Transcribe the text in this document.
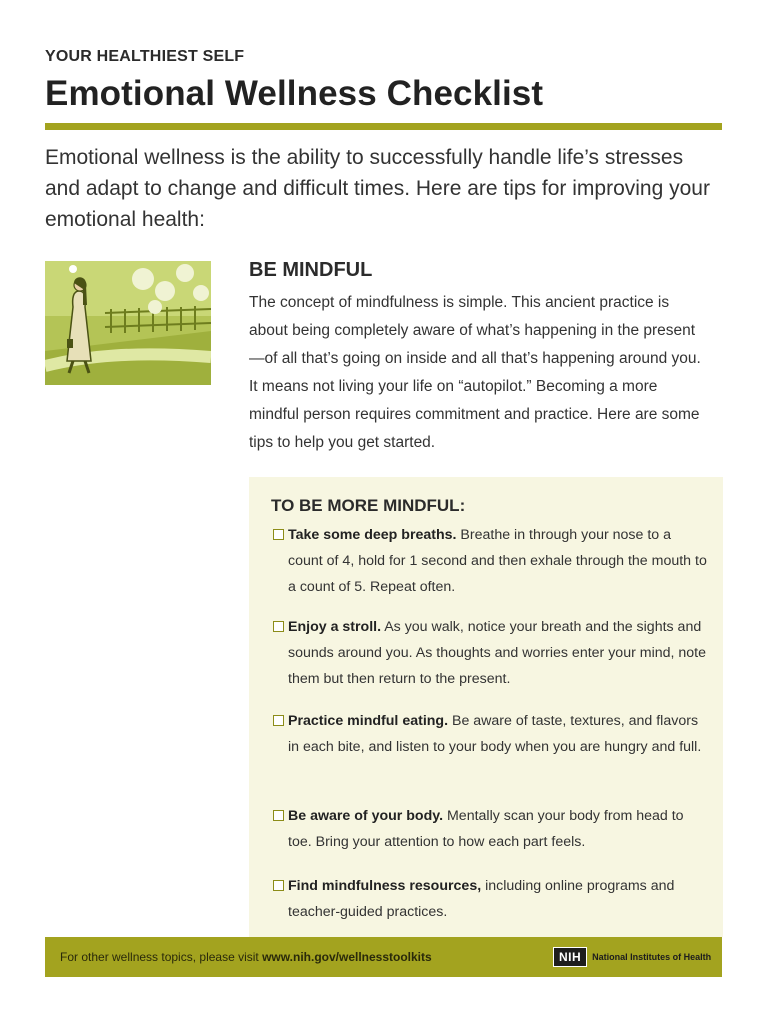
YOUR HEALTHIEST SELF
Emotional Wellness Checklist
Emotional wellness is the ability to successfully handle life’s stresses and adapt to change and difficult times. Here are tips for improving your emotional health:
BE MINDFUL
The concept of mindfulness is simple. This ancient practice is about being completely aware of what’s happening in the present—of all that’s going on inside and all that’s happening around you. It means not living your life on “autopilot.” Becoming a more mindful person requires commitment and practice. Here are some tips to help you get started.
TO BE MORE MINDFUL:
Take some deep breaths. Breathe in through your nose to a count of 4, hold for 1 second and then exhale through the mouth to a count of 5. Repeat often.
Enjoy a stroll. As you walk, notice your breath and the sights and sounds around you. As thoughts and worries enter your mind, note them but then return to the present.
Practice mindful eating. Be aware of taste, textures, and flavors in each bite, and listen to your body when you are hungry and full.
Be aware of your body. Mentally scan your body from head to toe. Bring your attention to how each part feels.
Find mindfulness resources, including online programs and teacher-guided practices.
For other wellness topics, please visit www.nih.gov/wellnesstoolkits	NIH	National Institutes of Health
